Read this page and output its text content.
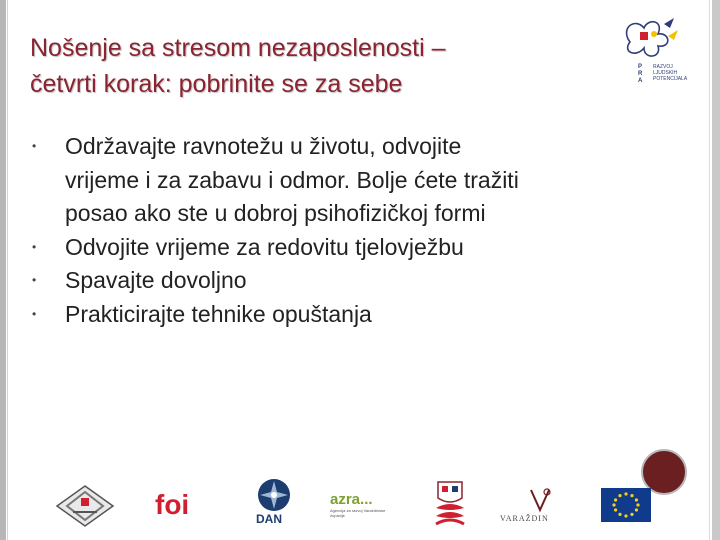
Nošenje sa stresom nezaposlenosti –
četvrti korak: pobrinite se za sebe
P
R
A
RAZVOJ
LJUDSKIH
POTENCIJALA
• Održavajte ravnotežu u životu, odvojite
vrijeme i za zabavu i odmor. Bolje ćete tražiti
posao ako ste u dobroj psihofizičkoj formi
• Odvojite vrijeme za redovitu tjelovježbu
• Spavajte dovoljno
• Prakticirajte tehnike opuštanja
foi	DAN
azra...
Agencija za razvoj Varaždinske županije	VARAŽDIN
